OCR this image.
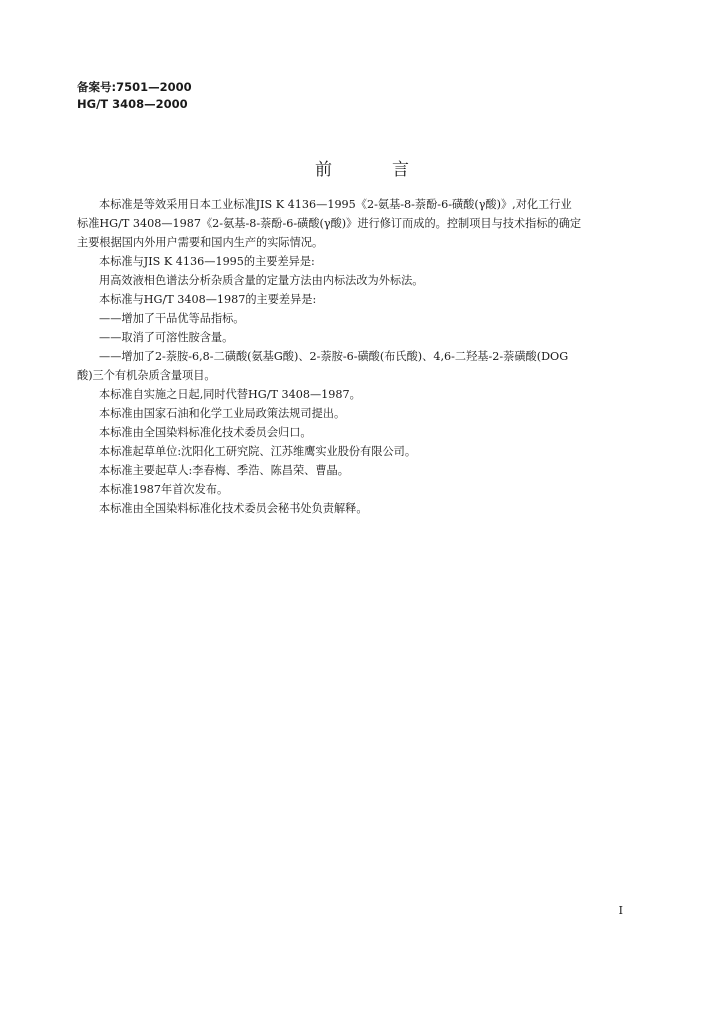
备案号:7501—2000
HG/T 3408—2000
前言

本标准是等效采用日本工业标准JIS K 4136—1995《2-氨基-8-萘酚-6-磺酸(γ酸)》,对化工行业

标准HG/T 3408—1987《2-氨基-8-萘酚-6-磺酸(γ酸)》进行修订而成的。控制项目与技术指标的确定

主要根据国内外用户需要和国内生产的实际情况。

本标准与JIS K 4136—1995的主要差异是:

用高效液相色谱法分析杂质含量的定量方法由内标法改为外标法。

本标准与HG/T 3408—1987的主要差异是:

——增加了干品优等品指标。

——取消了可溶性胺含量。

——增加了2-萘胺-6,8-二磺酸(氨基G酸)、2-萘胺-6-磺酸(布氏酸)、4,6-二羟基-2-萘磺酸(DOG

酸)三个有机杂质含量项目。

本标准自实施之日起,同时代替HG/T 3408—1987。

本标准由国家石油和化学工业局政策法规司提出。

本标准由全国染料标准化技术委员会归口。

本标准起草单位:沈阳化工研究院、江苏维鹰实业股份有限公司。

本标准主要起草人:李春梅、季浩、陈昌荣、曹晶。

本标准1987年首次发布。

本标准由全国染料标准化技术委员会秘书处负责解释。

I
